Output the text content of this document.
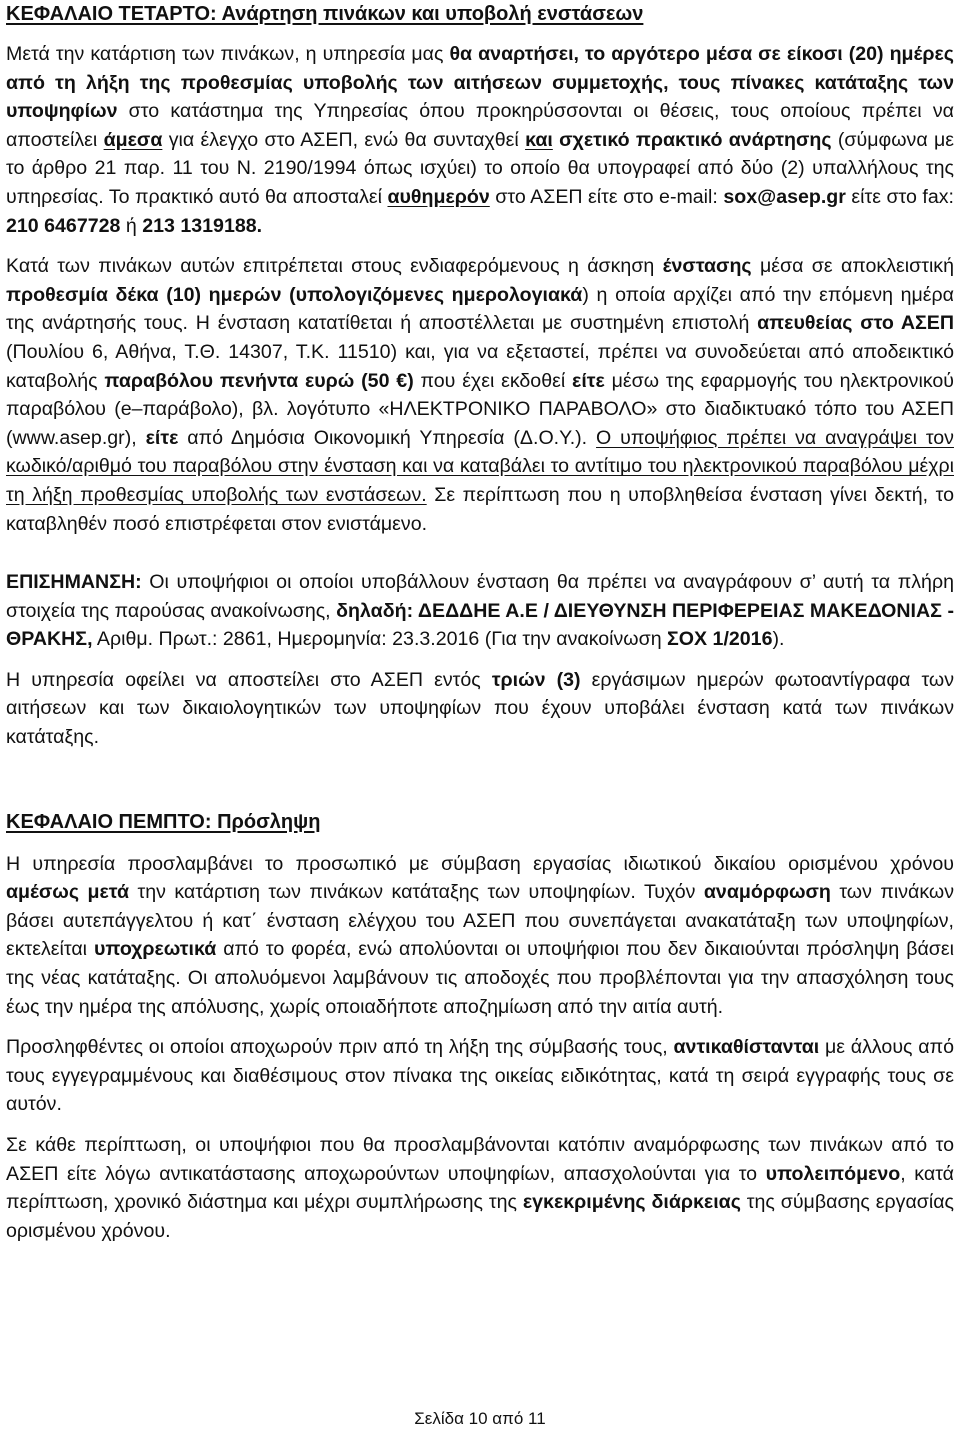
ΚΕΦΑΛΑΙΟ ΤΕΤΑΡΤΟ: Ανάρτηση πινάκων και υποβολή ενστάσεων

Μετά την κατάρτιση των πινάκων, η υπηρεσία μας θα αναρτήσει, το αργότερο μέσα σε είκοσι (20) ημέρες από τη λήξη της προθεσμίας υποβολής των αιτήσεων συμμετοχής, τους πίνακες κατάταξης των υποψηφίων στο κατάστημα της Υπηρεσίας όπου προκηρύσσονται οι θέσεις, τους οποίους πρέπει να αποστείλει άμεσα για έλεγχο στο ΑΣΕΠ, ενώ θα συνταχθεί και σχετικό πρακτικό ανάρτησης (σύμφωνα με το άρθρο 21 παρ. 11 του Ν. 2190/1994 όπως ισχύει) το οποίο θα υπογραφεί από δύο (2) υπαλλήλους της υπηρεσίας. Το πρακτικό αυτό θα αποσταλεί αυθημερόν στο ΑΣΕΠ είτε στο e-mail: sox@asep.gr είτε στο fax: 210 6467728 ή 213 1319188.

Κατά των πινάκων αυτών επιτρέπεται στους ενδιαφερόμενους η άσκηση ένστασης μέσα σε αποκλειστική προθεσμία δέκα (10) ημερών (υπολογιζόμενες ημερολογιακά) η οποία αρχίζει από την επόμενη ημέρα της ανάρτησής τους. Η ένσταση κατατίθεται ή αποστέλλεται με συστημένη επιστολή απευθείας στο ΑΣΕΠ (Πουλίου 6, Αθήνα, Τ.Θ. 14307, Τ.Κ. 11510) και, για να εξεταστεί, πρέπει να συνοδεύεται από αποδεικτικό καταβολής παραβόλου πενήντα ευρώ (50 €) που έχει εκδοθεί είτε μέσω της εφαρμογής του ηλεκτρονικού παραβόλου (e–παράβολο), βλ. λογότυπο «ΗΛΕΚΤΡΟΝΙΚΟ ΠΑΡΑΒΟΛΟ» στο διαδικτυακό τόπο του ΑΣΕΠ (www.asep.gr), είτε από Δημόσια Οικονομική Υπηρεσία (Δ.Ο.Υ.). Ο υποψήφιος πρέπει να αναγράψει τον κωδικό/αριθμό του παραβόλου στην ένσταση και να καταβάλει το αντίτιμο του ηλεκτρονικού παραβόλου μέχρι τη λήξη προθεσμίας υποβολής των ενστάσεων. Σε περίπτωση που η υποβληθείσα ένσταση γίνει δεκτή, το καταβληθέν ποσό επιστρέφεται στον ενιστάμενο.

ΕΠΙΣΗΜΑΝΣΗ: Οι υποψήφιοι οι οποίοι υποβάλλουν ένσταση θα πρέπει να αναγράφουν σ’ αυτή τα πλήρη στοιχεία της παρούσας ανακοίνωσης, δηλαδή: ΔΕΔΔΗΕ Α.Ε / ΔΙΕΥΘΥΝΣΗ ΠΕΡΙΦΕΡΕΙΑΣ ΜΑΚΕΔΟΝΙΑΣ - ΘΡΑΚΗΣ, Αριθμ. Πρωτ.: 2861, Ημερομηνία: 23.3.2016 (Για την ανακοίνωση ΣΟΧ 1/2016).

Η υπηρεσία οφείλει να αποστείλει στο ΑΣΕΠ εντός τριών (3) εργάσιμων ημερών φωτοαντίγραφα των αιτήσεων και των δικαιολογητικών των υποψηφίων που έχουν υποβάλει ένσταση κατά των πινάκων κατάταξης.

ΚΕΦΑΛΑΙΟ ΠΕΜΠΤΟ: Πρόσληψη

Η υπηρεσία προσλαμβάνει το προσωπικό με σύμβαση εργασίας ιδιωτικού δικαίου ορισμένου χρόνου αμέσως μετά την κατάρτιση των πινάκων κατάταξης των υποψηφίων. Τυχόν αναμόρφωση των πινάκων βάσει αυτεπάγγελτου ή κατ΄ ένσταση ελέγχου του ΑΣΕΠ που συνεπάγεται ανακατάταξη των υποψηφίων, εκτελείται υποχρεωτικά από το φορέα, ενώ απολύονται οι υποψήφιοι που δεν δικαιούνται πρόσληψη βάσει της νέας κατάταξης. Οι απολυόμενοι λαμβάνουν τις αποδοχές που προβλέπονται για την απασχόληση τους έως την ημέρα της απόλυσης, χωρίς οποιαδήποτε αποζημίωση από την αιτία αυτή.

Προσληφθέντες οι οποίοι αποχωρούν πριν από τη λήξη της σύμβασής τους, αντικαθίστανται με άλλους από τους εγγεγραμμένους και διαθέσιμους στον πίνακα της οικείας ειδικότητας, κατά τη σειρά εγγραφής τους σε αυτόν.

Σε κάθε περίπτωση, οι υποψήφιοι που θα προσλαμβάνονται κατόπιν αναμόρφωσης των πινάκων από το ΑΣΕΠ είτε λόγω αντικατάστασης αποχωρούντων υποψηφίων, απασχολούνται για το υπολειπόμενο, κατά περίπτωση, χρονικό διάστημα και μέχρι συμπλήρωσης της εγκεκριμένης διάρκειας της σύμβασης εργασίας ορισμένου χρόνου.

Σελίδα 10 από 11
